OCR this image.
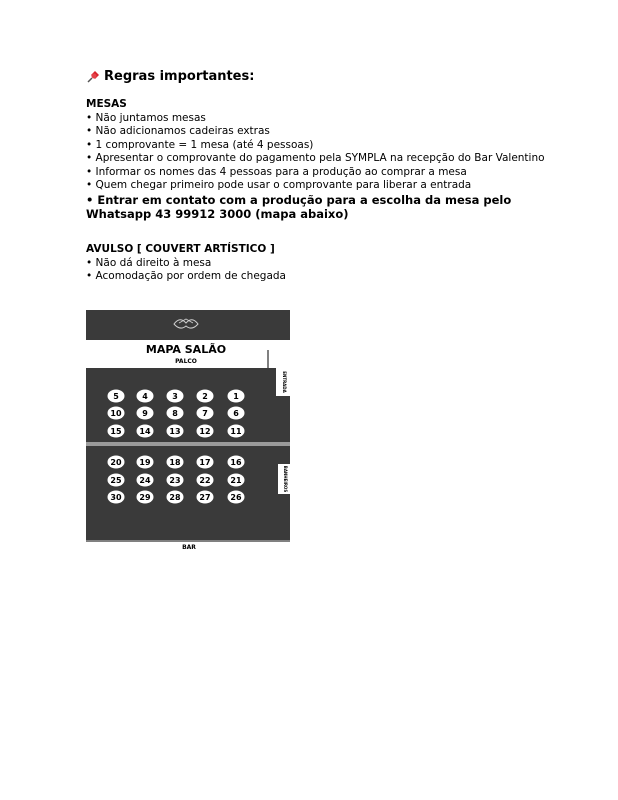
Regras importantes:
MESAS
• Não juntamos mesas
• Não adicionamos cadeiras extras
• 1 comprovante = 1 mesa (até 4 pessoas)
• Apresentar o comprovante do pagamento pela SYMPLA na recepção do Bar Valentino
• Informar os nomes das 4 pessoas para a produção ao comprar a mesa
• Quem chegar primeiro pode usar o comprovante para liberar a entrada
• Entrar em contato com a produção para a escolha da mesa pelo Whatsapp 43 99912 3000 (mapa abaixo)
AVULSO [ COUVERT ARTÍSTICO ]
• Não dá direito à mesa
• Acomodação por ordem de chegada
MAPA SALÃO
PALCO
ENTRADA
BANHEIROS
5	4	3	2	1
10	9	8	7	6
15 14 13 12 11
20 19 18 17 16
25 24 23 22 21
30 29 28 27 26
BAR
